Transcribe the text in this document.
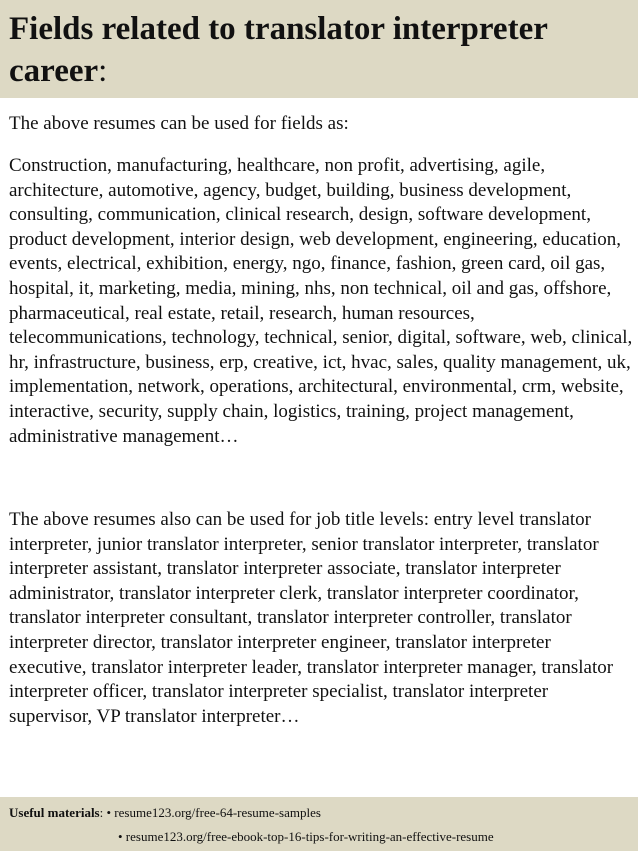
Fields related to translator interpreter career:

The above resumes can be used for fields as:

Construction, manufacturing, healthcare, non profit, advertising, agile, architecture, automotive, agency, budget, building, business development, consulting, communication, clinical research, design, software development, product development, interior design, web development, engineering, education, events, electrical, exhibition, energy, ngo, finance, fashion, green card, oil gas, hospital, it, marketing, media, mining, nhs, non technical, oil and gas, offshore, pharmaceutical, real estate, retail, research, human resources, telecommunications, technology, technical, senior, digital, software, web, clinical, hr, infrastructure, business, erp, creative, ict, hvac, sales, quality management, uk, implementation, network, operations, architectural, environmental, crm, website, interactive, security, supply chain, logistics, training, project management, administrative management…

The above resumes also can be used for job title levels: entry level translator interpreter, junior translator interpreter, senior translator interpreter, translator interpreter assistant, translator interpreter associate, translator interpreter administrator, translator interpreter clerk, translator interpreter coordinator, translator interpreter consultant, translator interpreter controller, translator interpreter director, translator interpreter engineer, translator interpreter executive, translator interpreter leader, translator interpreter manager, translator interpreter officer, translator interpreter specialist, translator interpreter supervisor, VP translator interpreter…

Useful materials: • resume123.org/free-64-resume-samples
• resume123.org/free-ebook-top-16-tips-for-writing-an-effective-resume
